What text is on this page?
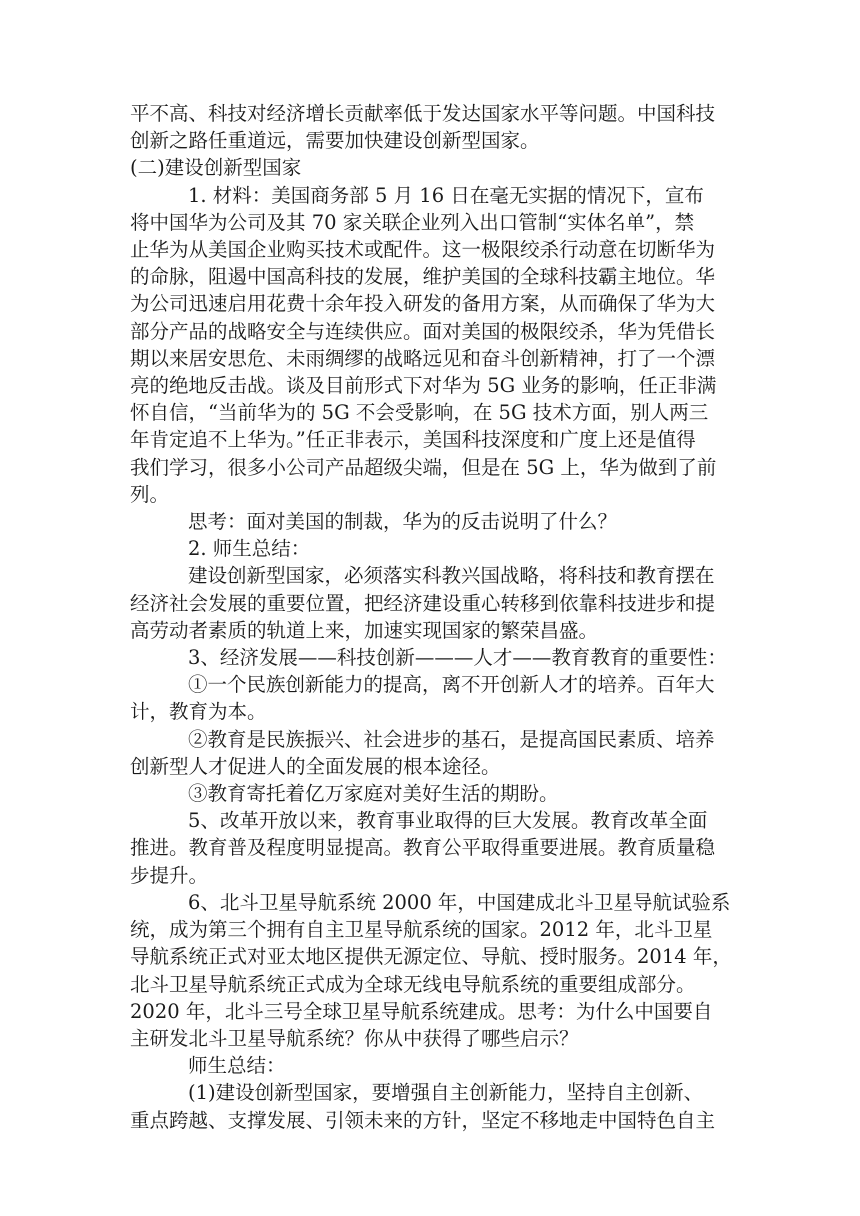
平不高、科技对经济增长贡献率低于发达国家水平等问题。中国科技
创新之路任重道远，需要加快建设创新型国家。

(二)建设创新型国家

1. 材料：美国商务部 5 月 16 日在毫无实据的情况下，宣布
将中国华为公司及其 70 家关联企业列入出口管制“实体名单”，禁
止华为从美国企业购买技术或配件。这一极限绞杀行动意在切断华为
的命脉，阻遏中国高科技的发展，维护美国的全球科技霸主地位。华
为公司迅速启用花费十余年投入研发的备用方案，从而确保了华为大
部分产品的战略安全与连续供应。面对美国的极限绞杀，华为凭借长
期以来居安思危、未雨绸缪的战略远见和奋斗创新精神，打了一个漂
亮的绝地反击战。谈及目前形式下对华为 5G 业务的影响，任正非满
怀自信，“当前华为的 5G 不会受影响，在 5G 技术方面，别人两三
年肯定追不上华为。”任正非表示，美国科技深度和广度上还是值得
我们学习，很多小公司产品超级尖端，但是在 5G 上，华为做到了前
列。

思考：面对美国的制裁，华为的反击说明了什么？

2. 师生总结：

建设创新型国家，必须落实科教兴国战略，将科技和教育摆在
经济社会发展的重要位置，把经济建设重心转移到依靠科技进步和提
高劳动者素质的轨道上来，加速实现国家的繁荣昌盛。

3、经济发展——科技创新———人才——教育教育的重要性：

①一个民族创新能力的提高，离不开创新人才的培养。百年大
计，教育为本。

②教育是民族振兴、社会进步的基石，是提高国民素质、培养
创新型人才促进人的全面发展的根本途径。

③教育寄托着亿万家庭对美好生活的期盼。

5、改革开放以来，教育事业取得的巨大发展。教育改革全面
推进。教育普及程度明显提高。教育公平取得重要进展。教育质量稳
步提升。

6、北斗卫星导航系统 2000 年，中国建成北斗卫星导航试验系
统，成为第三个拥有自主卫星导航系统的国家。2012 年，北斗卫星
导航系统正式对亚太地区提供无源定位、导航、授时服务。2014 年，
北斗卫星导航系统正式成为全球无线电导航系统的重要组成部分。
2020 年，北斗三号全球卫星导航系统建成。思考：为什么中国要自
主研发北斗卫星导航系统？你从中获得了哪些启示？

师生总结：

(1)建设创新型国家，要增强自主创新能力，坚持自主创新、
重点跨越、支撑发展、引领未来的方针，坚定不移地走中国特色自主
